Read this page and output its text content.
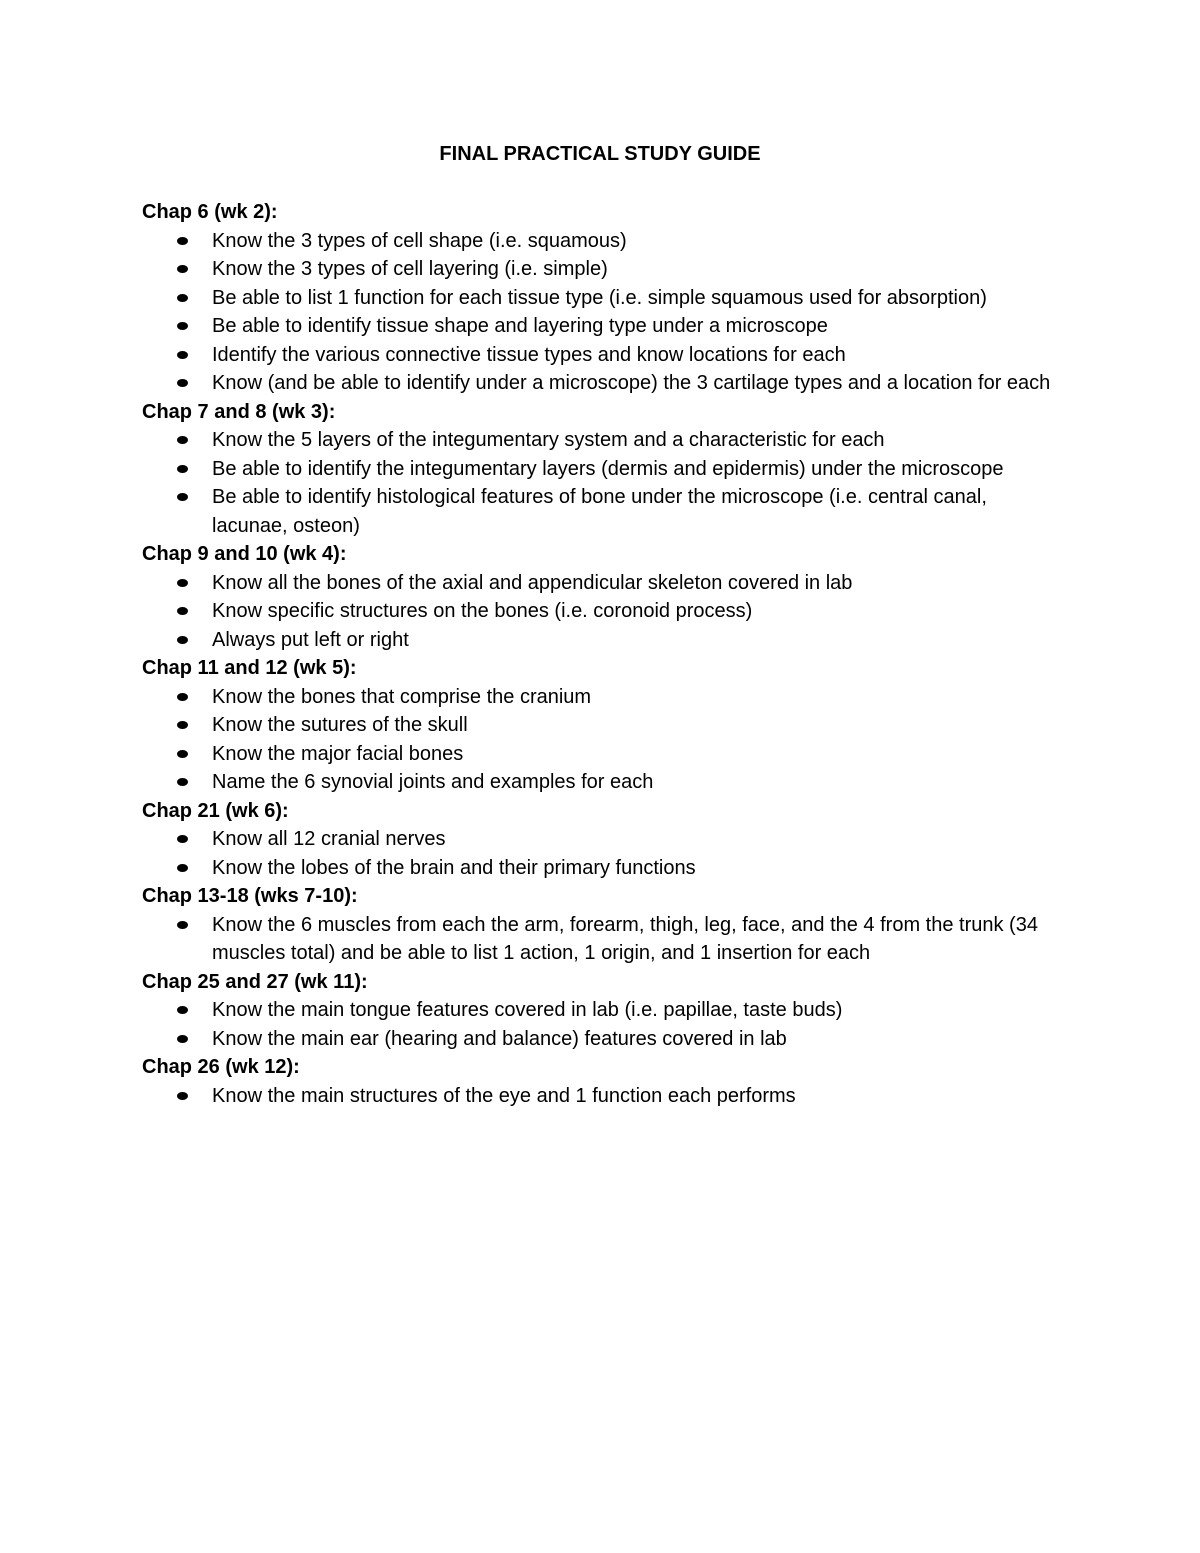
FINAL PRACTICAL STUDY GUIDE
Chap 6 (wk 2):
Know the 3 types of cell shape (i.e. squamous)
Know the 3 types of cell layering (i.e. simple)
Be able to list 1 function for each tissue type (i.e. simple squamous used for absorption)
Be able to identify tissue shape and layering type under a microscope
Identify the various connective tissue types and know locations for each
Know (and be able to identify under a microscope) the 3 cartilage types and a location for each
Chap 7 and 8 (wk 3):
Know the 5 layers of the integumentary system and a characteristic for each
Be able to identify the integumentary layers (dermis and epidermis) under the microscope
Be able to identify histological features of bone under the microscope (i.e. central canal, lacunae, osteon)
Chap 9 and 10 (wk 4):
Know all the bones of the axial and appendicular skeleton covered in lab
Know specific structures on the bones (i.e. coronoid process)
Always put left or right
Chap 11 and 12 (wk 5):
Know the bones that comprise the cranium
Know the sutures of the skull
Know the major facial bones
Name the 6 synovial joints and examples for each
Chap 21 (wk 6):
Know all 12 cranial nerves
Know the lobes of the brain and their primary functions
Chap 13-18 (wks 7-10):
Know the 6 muscles from each the arm, forearm, thigh, leg, face, and the 4 from the trunk (34 muscles total) and be able to list 1 action, 1 origin, and 1 insertion for each
Chap 25 and 27 (wk 11):
Know the main tongue features covered in lab (i.e. papillae, taste buds)
Know the main ear (hearing and balance) features covered in lab
Chap 26 (wk 12):
Know the main structures of the eye and 1 function each performs
